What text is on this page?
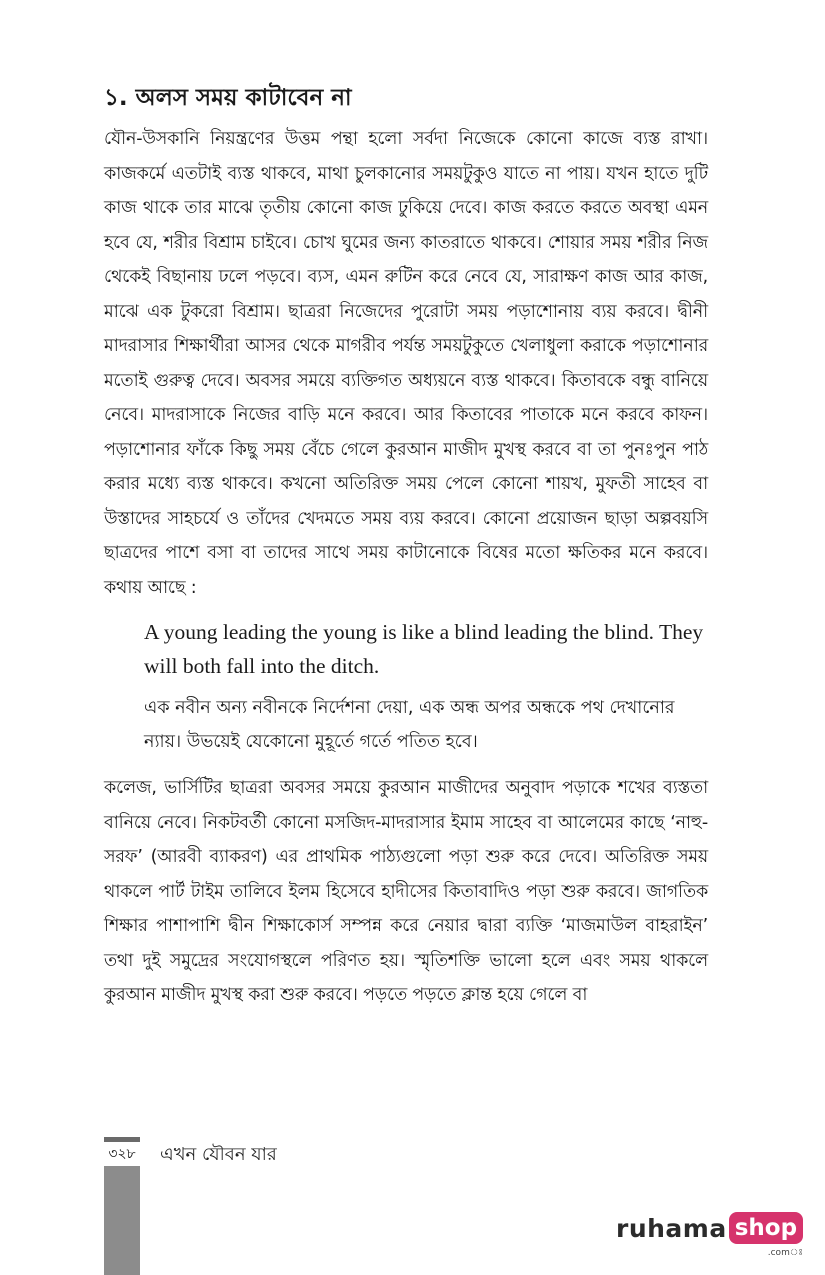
১. অলস সময় কাটাবেন না

যৌন-উসকানি নিয়ন্ত্রণের উত্তম পন্থা হলো সর্বদা নিজেকে কোনো কাজে ব্যস্ত রাখা। কাজকর্মে এতটাই ব্যস্ত থাকবে, মাথা চুলকানোর সময়টুকুও যাতে না পায়। যখন হাতে দুটি কাজ থাকে তার মাঝে তৃতীয় কোনো কাজ ঢুকিয়ে দেবে। কাজ করতে করতে অবস্থা এমন হবে যে, শরীর বিশ্রাম চাইবে। চোখ ঘুমের জন্য কাতরাতে থাকবে। শোয়ার সময় শরীর নিজ থেকেই বিছানায় ঢলে পড়বে। ব্যস, এমন রুটিন করে নেবে যে, সারাক্ষণ কাজ আর কাজ, মাঝে এক টুকরো বিশ্রাম। ছাত্ররা নিজেদের পুরোটা সময় পড়াশোনায় ব্যয় করবে। দ্বীনী মাদরাসার শিক্ষার্থীরা আসর থেকে মাগরীব পর্যন্ত সময়টুকুতে খেলাধুলা করাকে পড়াশোনার মতোই গুরুত্ব দেবে। অবসর সময়ে ব্যক্তিগত অধ্যয়নে ব্যস্ত থাকবে। কিতাবকে বন্ধু বানিয়ে নেবে। মাদরাসাকে নিজের বাড়ি মনে করবে। আর কিতাবের পাতাকে মনে করবে কাফন। পড়াশোনার ফাঁকে কিছু সময় বেঁচে গেলে কুরআন মাজীদ মুখস্থ করবে বা তা পুনঃপুন পাঠ করার মধ্যে ব্যস্ত থাকবে। কখনো অতিরিক্ত সময় পেলে কোনো শায়খ, মুফতী সাহেব বা উস্তাদের সাহচর্যে ও তাঁদের খেদমতে সময় ব্যয় করবে। কোনো প্রয়োজন ছাড়া অল্পবয়সি ছাত্রদের পাশে বসা বা তাদের সাথে সময় কাটানোকে বিষের মতো ক্ষতিকর মনে করবে। কথায় আছে :

A young leading the young is like a blind leading the blind. They will both fall into the ditch.

এক নবীন অন্য নবীনকে নির্দেশনা দেয়া, এক অন্ধ অপর অন্ধকে পথ দেখানোর ন্যায়। উভয়েই যেকোনো মুহূর্তে গর্তে পতিত হবে।

কলেজ, ভার্সিটির ছাত্ররা অবসর সময়ে কুরআন মাজীদের অনুবাদ পড়াকে শখের ব্যস্ততা বানিয়ে নেবে। নিকটবর্তী কোনো মসজিদ-মাদরাসার ইমাম সাহেব বা আলেমের কাছে ‘নাহু-সরফ’ (আরবী ব্যাকরণ) এর প্রাথমিক পাঠ্যগুলো পড়া শুরু করে দেবে। অতিরিক্ত সময় থাকলে পার্ট টাইম তালিবে ইলম হিসেবে হাদীসের কিতাবাদিও পড়া শুরু করবে। জাগতিক শিক্ষার পাশাপাশি দ্বীন শিক্ষাকোর্স সম্পন্ন করে নেয়ার দ্বারা ব্যক্তি ‘মাজমাউল বাহরাইন’ তথা দুই সমুদ্রের সংযোগস্থলে পরিণত হয়। স্মৃতিশক্তি ভালো হলে এবং সময় থাকলে কুরআন মাজীদ মুখস্থ করা শুরু করবে। পড়তে পড়তে ক্লান্ত হয়ে গেলে বা

৩২৮ এখন যৌবন যার
ruhama shop
.comঃ
